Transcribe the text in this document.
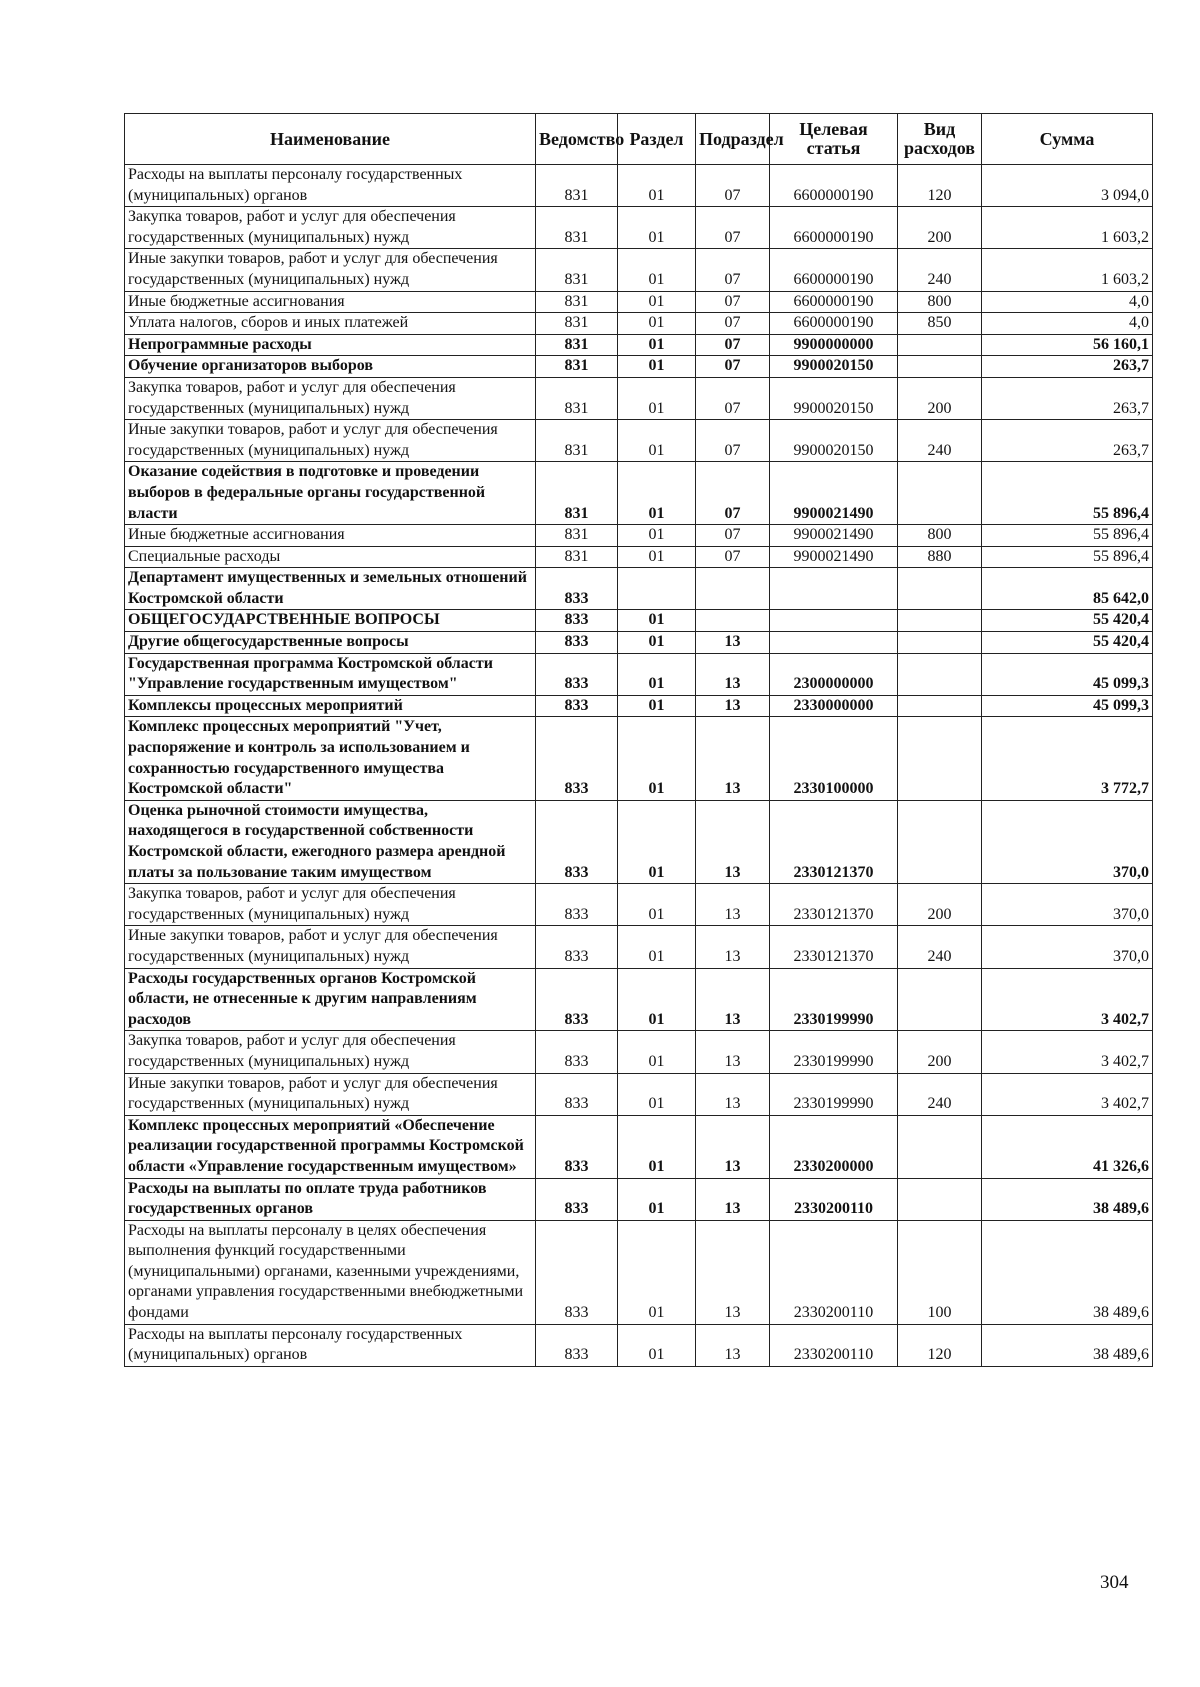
Наименование	Ведомство	Раздел	Подраздел	Целевая статья	Вид расходов	Сумма
Расходы на выплаты персоналу государственных (муниципальных) органов	831	01	07	6600000190	120	3 094,0
Закупка товаров, работ и услуг для обеспечения государственных (муниципальных) нужд	831	01	07	6600000190	200	1 603,2
Иные закупки товаров, работ и услуг для обеспечения государственных (муниципальных) нужд	831	01	07	6600000190	240	1 603,2
Иные бюджетные ассигнования	831	01	07	6600000190	800	4,0
Уплата налогов, сборов и иных платежей	831	01	07	6600000190	850	4,0
Непрограммные расходы	831	01	07	9900000000		56 160,1
Обучение организаторов выборов	831	01	07	9900020150		263,7
Закупка товаров, работ и услуг для обеспечения государственных (муниципальных) нужд	831	01	07	9900020150	200	263,7
Иные закупки товаров, работ и услуг для обеспечения государственных (муниципальных) нужд	831	01	07	9900020150	240	263,7
Оказание содействия в подготовке и проведении выборов в федеральные органы государственной власти	831	01	07	9900021490		55 896,4
Иные бюджетные ассигнования	831	01	07	9900021490	800	55 896,4
Специальные расходы	831	01	07	9900021490	880	55 896,4
Департамент имущественных и земельных отношений Костромской области	833					85 642,0
ОБЩЕГОСУДАРСТВЕННЫЕ ВОПРОСЫ	833	01				55 420,4
Другие общегосударственные вопросы	833	01	13			55 420,4
Государственная программа Костромской области "Управление государственным имуществом"	833	01	13	2300000000		45 099,3
Комплексы процессных мероприятий	833	01	13	2330000000		45 099,3
Комплекс процессных мероприятий "Учет, распоряжение и контроль за использованием и сохранностью государственного имущества Костромской области"	833	01	13	2330100000		3 772,7
Оценка рыночной стоимости имущества, находящегося в государственной собственности Костромской области, ежегодного размера арендной платы за пользование таким имуществом	833	01	13	2330121370		370,0
Закупка товаров, работ и услуг для обеспечения государственных (муниципальных) нужд	833	01	13	2330121370	200	370,0
Иные закупки товаров, работ и услуг для обеспечения государственных (муниципальных) нужд	833	01	13	2330121370	240	370,0
Расходы государственных органов Костромской области, не отнесенные к другим направлениям расходов	833	01	13	2330199990		3 402,7
Закупка товаров, работ и услуг для обеспечения государственных (муниципальных) нужд	833	01	13	2330199990	200	3 402,7
Иные закупки товаров, работ и услуг для обеспечения государственных (муниципальных) нужд	833	01	13	2330199990	240	3 402,7
Комплекс процессных мероприятий «Обеспечение реализации государственной программы Костромской области «Управление государственным имуществом»	833	01	13	2330200000		41 326,6
Расходы на выплаты по оплате труда работников государственных органов	833	01	13	2330200110		38 489,6
Расходы на выплаты персоналу в целях обеспечения выполнения функций государственными (муниципальными) органами, казенными учреждениями, органами управления государственными внебюджетными фондами	833	01	13	2330200110	100	38 489,6
Расходы на выплаты персоналу государственных (муниципальных) органов	833	01	13	2330200110	120	38 489,6
304
